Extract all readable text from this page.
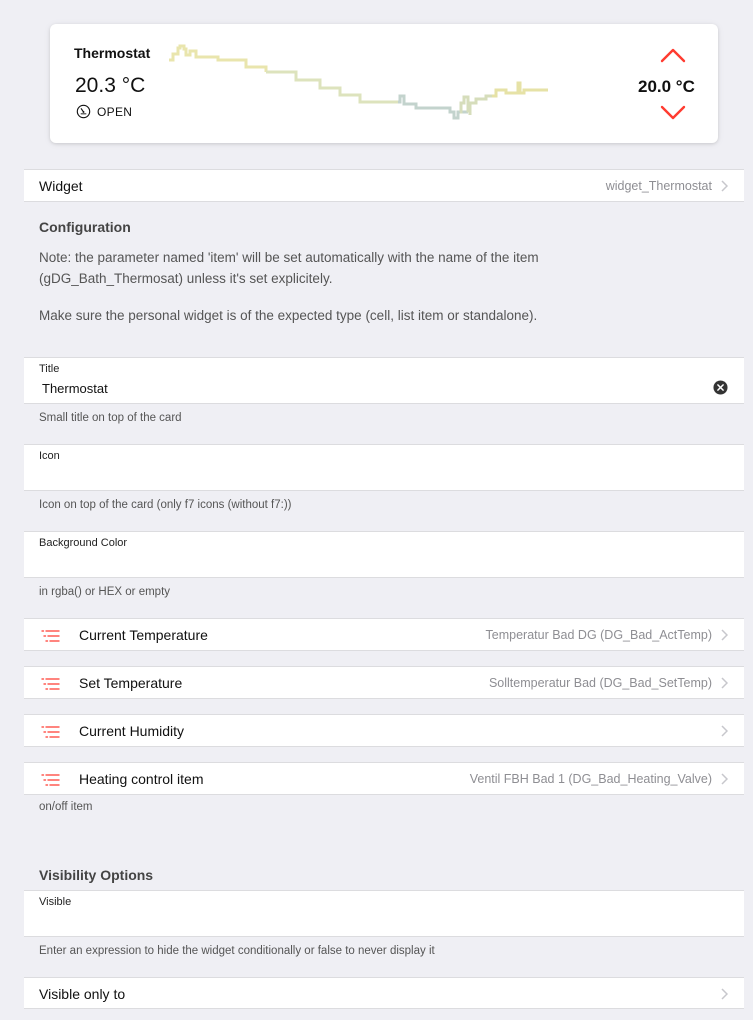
Thermostat
20.3 °C
OPEN
20.0 °C
Widget	widget_Thermostat
Configuration
Note: the parameter named 'item' will be set automatically with the name of the item (gDG_Bath_Thermosat) unless it's set explicitely.
Make sure the personal widget is of the expected type (cell, list item or standalone).
Title
Thermostat
Small title on top of the card
Icon
Icon on top of the card (only f7 icons (without f7:))
Background Color
in rgba() or HEX or empty
Current Temperature	Temperatur Bad DG (DG_Bad_ActTemp)
Set Temperature	Solltemperatur Bad (DG_Bad_SetTemp)
Current Humidity
Heating control item	Ventil FBH Bad 1 (DG_Bad_Heating_Valve)
on/off item
Visibility Options
Visible
Enter an expression to hide the widget conditionally or false to never display it
Visible only to
